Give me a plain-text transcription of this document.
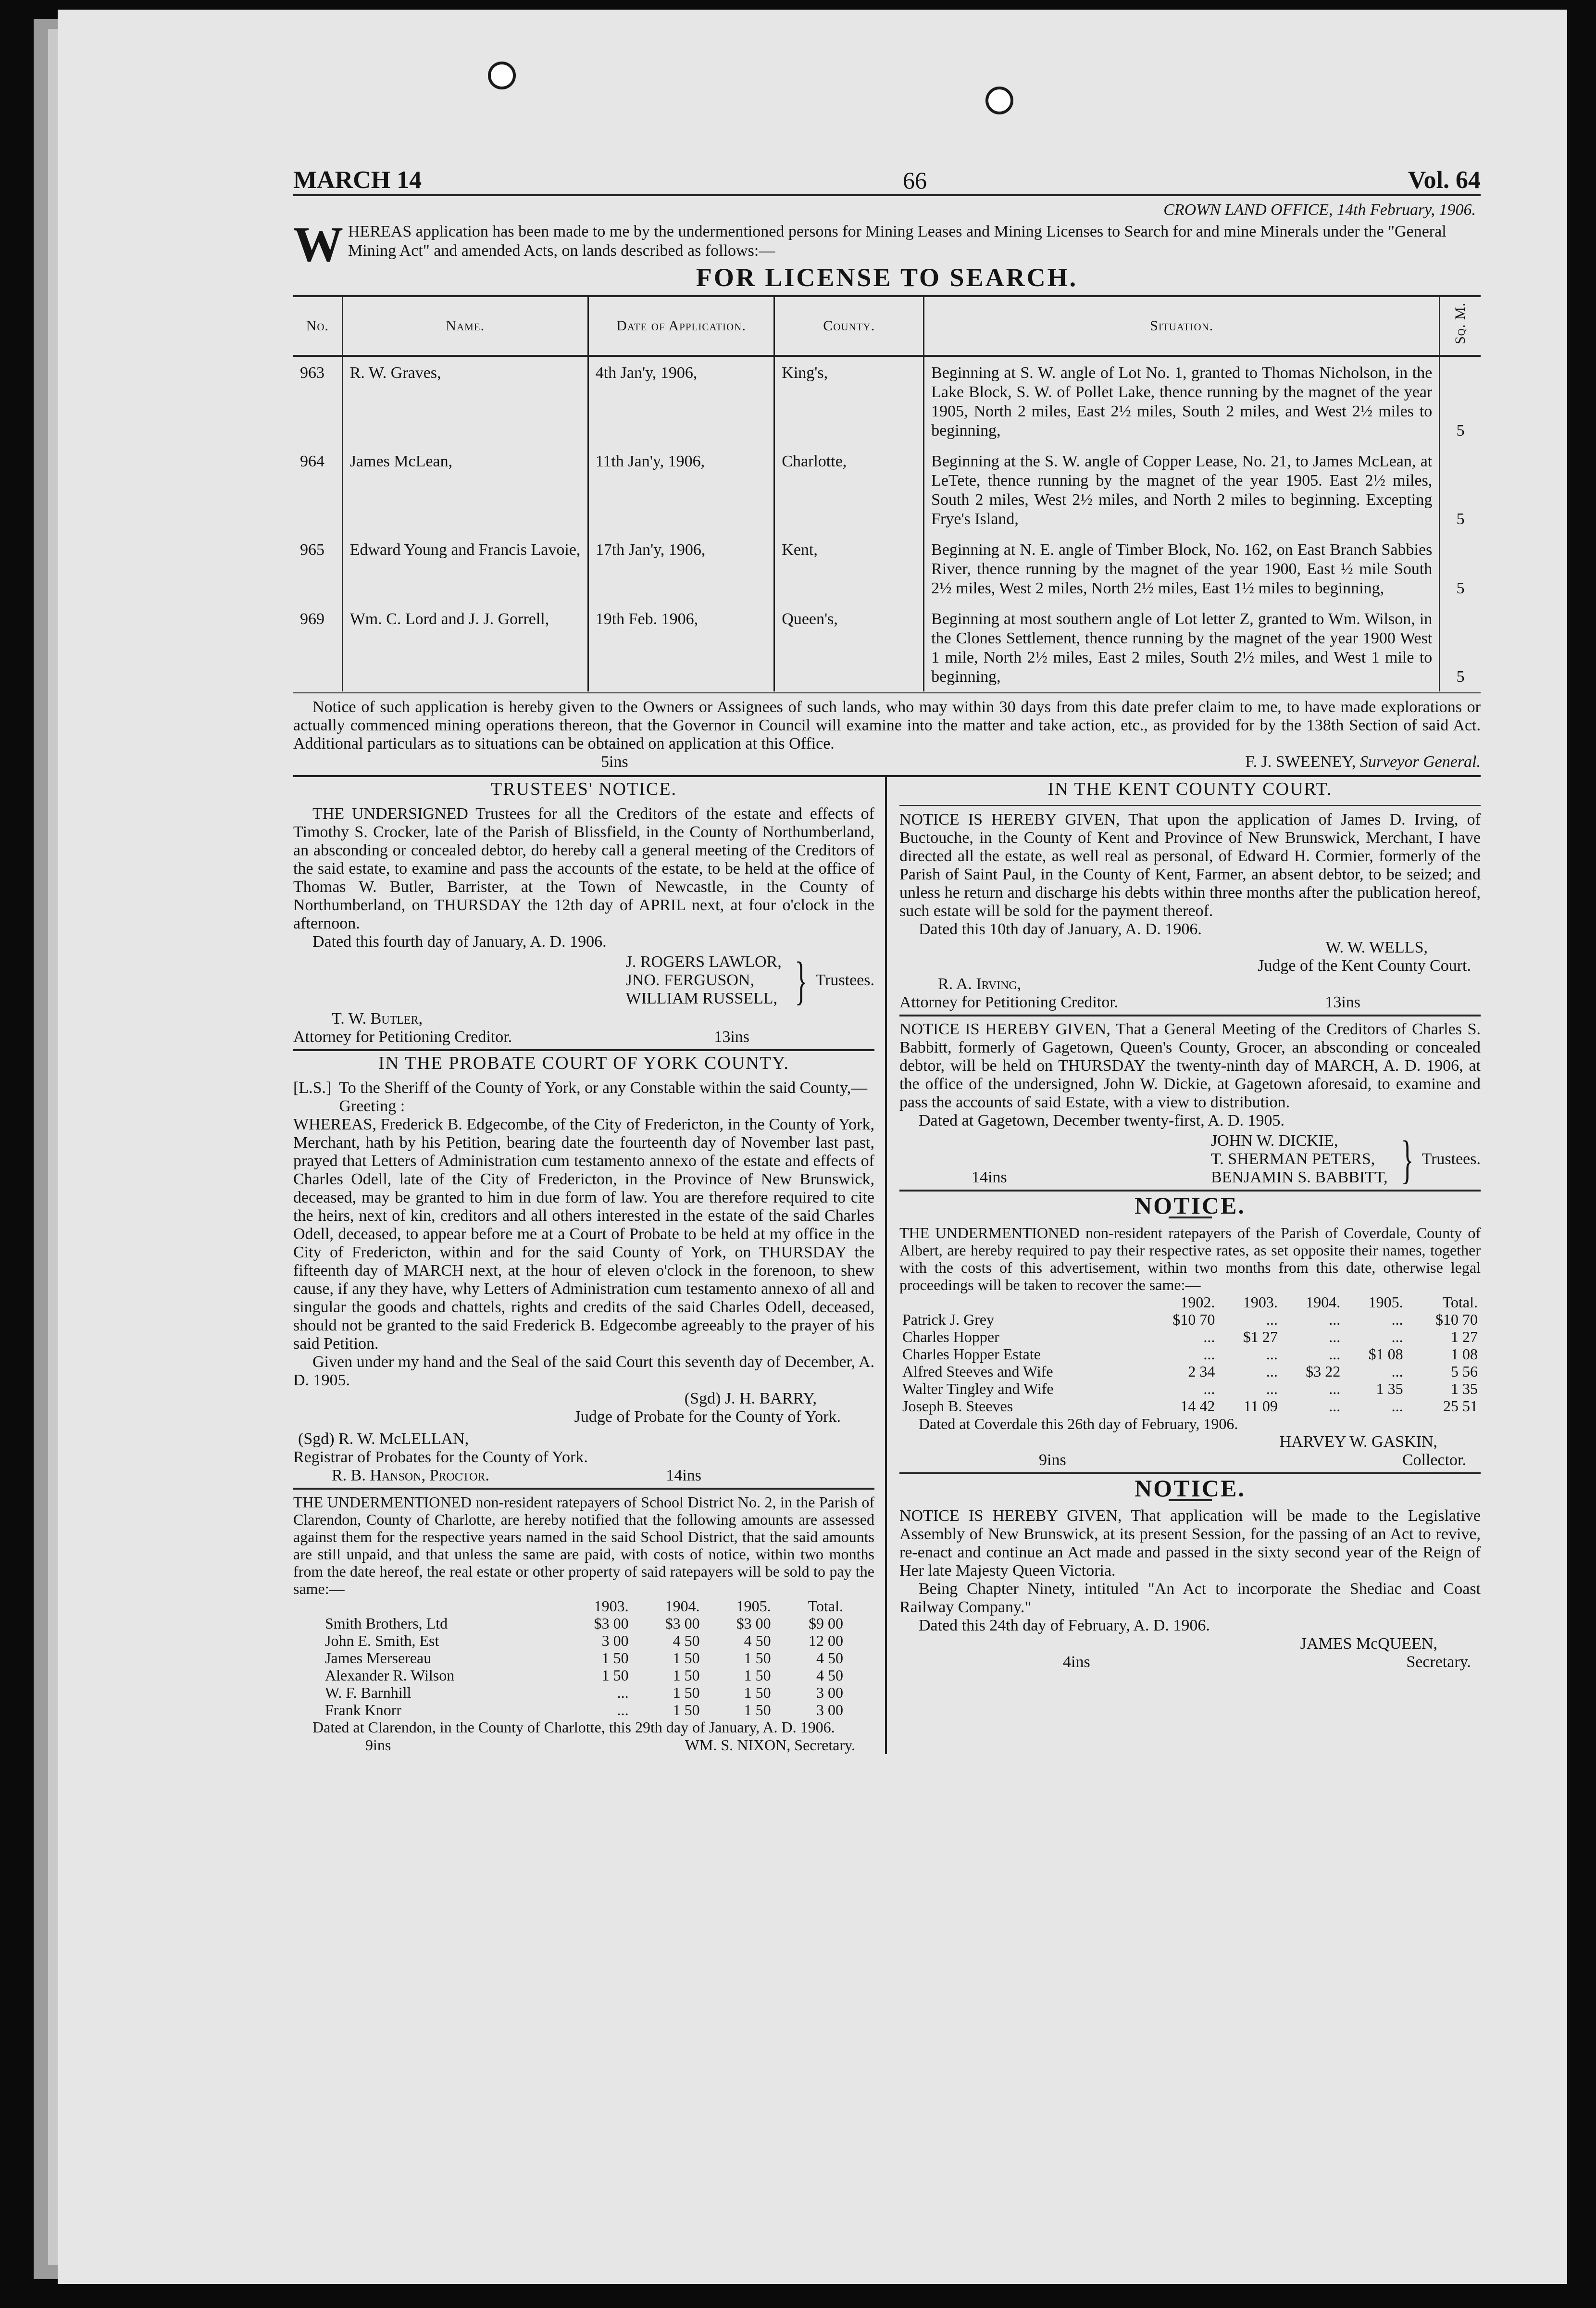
MARCH 14	66	Vol. 64
CROWN LAND OFFICE, 14th February, 1906.
W HEREAS application has been made to me by the undermentioned persons for Mining Leases and Mining Licenses to Search for and mine Minerals under the "General Mining Act" and amended Acts, on lands described as follows:—
FOR LICENSE TO SEARCH.
No.	Name.	Date of Application.	County.	Situation.	Sq. M.
963	R. W. Graves,	4th Jan'y, 1906,	King's,	Beginning at S. W. angle of Lot No. 1, granted to Thomas Nicholson, in the Lake Block, S. W. of Pollet Lake, thence running by the magnet of the year 1905, North 2 miles, East 2½ miles, South 2 miles, and West 2½ miles to beginning,	5
964	James McLean,	11th Jan'y, 1906,	Charlotte,	Beginning at the S. W. angle of Copper Lease, No. 21, to James McLean, at LeTete, thence running by the magnet of the year 1905. East 2½ miles, South 2 miles, West 2½ miles, and North 2 miles to beginning. Excepting Frye's Island,	5
965	Edward Young and Francis Lavoie,	17th Jan'y, 1906,	Kent,	Beginning at N. E. angle of Timber Block, No. 162, on East Branch Sabbies River, thence running by the magnet of the year 1900, East ½ mile South 2½ miles, West 2 miles, North 2½ miles, East 1½ miles to beginning,	5
969	Wm. C. Lord and J. J. Gorrell,	19th Feb. 1906,	Queen's,	Beginning at most southern angle of Lot letter Z, granted to Wm. Wilson, in the Clones Settlement, thence running by the magnet of the year 1900 West 1 mile, North 2½ miles, East 2 miles, South 2½ miles, and West 1 mile to beginning,	5

Notice of such application is hereby given to the Owners or Assignees of such lands, who may within 30 days from this date prefer claim to me, to have made explorations or actually commenced mining operations thereon, that the Governor in Council will examine into the matter and take action, etc., as provided for by the 138th Section of said Act. Additional particulars as to situations can be obtained on application at this Office.

5ins	F. J. SWEENEY, Surveyor General.
TRUSTEES' NOTICE.

THE UNDERSIGNED Trustees for all the Creditors of the estate and effects of Timothy S. Crocker, late of the Parish of Blissfield, in the County of Northumberland, an absconding or concealed debtor, do hereby call a general meeting of the Creditors of the said estate, to examine and pass the accounts of the estate, to be held at the office of Thomas W. Butler, Barrister, at the Town of Newcastle, in the County of Northumberland, on THURSDAY the 12th day of APRIL next, at four o'clock in the afternoon.

Dated this fourth day of January, A. D. 1906.

J. ROGERS LAWLOR,
JNO. FERGUSON,
WILLIAM RUSSELL, } Trustees.
T. W. Butler,
Attorney for Petitioning Creditor.	13ins
IN THE PROBATE COURT OF YORK COUNTY.
[L.S.] To the Sheriff of the County of York, or any Constable within the said County,—Greeting :

WHEREAS, Frederick B. Edgecombe, of the City of Fredericton, in the County of York, Merchant, hath by his Petition, bearing date the fourteenth day of November last past, prayed that Letters of Administration cum testamento annexo of the estate and effects of Charles Odell, late of the City of Fredericton, in the Province of New Brunswick, deceased, may be granted to him in due form of law. You are therefore required to cite the heirs, next of kin, creditors and all others interested in the estate of the said Charles Odell, deceased, to appear before me at a Court of Probate to be held at my office in the City of Fredericton, within and for the said County of York, on THURSDAY the fifteenth day of MARCH next, at the hour of eleven o'clock in the forenoon, to shew cause, if any they have, why Letters of Administration cum testamento annexo of all and singular the goods and chattels, rights and credits of the said Charles Odell, deceased, should not be granted to the said Frederick B. Edgecombe agreeably to the prayer of his said Petition.

Given under my hand and the Seal of the said Court this seventh day of December, A. D. 1905.

(Sgd) J. H. BARRY,
Judge of Probate for the County of York.
(Sgd) R. W. McLELLAN,
Registrar of Probates for the County of York.
R. B. Hanson, Proctor.	14ins

THE UNDERMENTIONED non-resident ratepayers of School District No. 2, in the Parish of Clarendon, County of Charlotte, are hereby notified that the following amounts are assessed against them for the respective years named in the said School District, that the said amounts are still unpaid, and that unless the same are paid, with costs of notice, within two months from the date hereof, the real estate or other property of said ratepayers will be sold to pay the same:—

	1903.	1904.	1905.	Total.
Smith Brothers, Ltd	$3 00	$3 00	$3 00	$9 00
John E. Smith, Est	3 00	4 50	4 50	12 00
James Mersereau	1 50	1 50	1 50	4 50
Alexander R. Wilson	1 50	1 50	1 50	4 50
W. F. Barnhill	...	1 50	1 50	3 00
Frank Knorr	...	1 50	1 50	3 00

Dated at Clarendon, in the County of Charlotte, this 29th day of January, A. D. 1906.

9ins	WM. S. NIXON, Secretary.
IN THE KENT COUNTY COURT.

NOTICE IS HEREBY GIVEN, That upon the application of James D. Irving, of Buctouche, in the County of Kent and Province of New Brunswick, Merchant, I have directed all the estate, as well real as personal, of Edward H. Cormier, formerly of the Parish of Saint Paul, in the County of Kent, Farmer, an absent debtor, to be seized; and unless he return and discharge his debts within three months after the publication hereof, such estate will be sold for the payment thereof.

Dated this 10th day of January, A. D. 1906.

W. W. WELLS,
Judge of the Kent County Court.
R. A. Irving,
Attorney for Petitioning Creditor.	13ins

NOTICE IS HEREBY GIVEN, That a General Meeting of the Creditors of Charles S. Babbitt, formerly of Gagetown, Queen's County, Grocer, an absconding or concealed debtor, will be held on THURSDAY the twenty-ninth day of MARCH, A. D. 1906, at the office of the undersigned, John W. Dickie, at Gagetown aforesaid, to examine and pass the accounts of said Estate, with a view to distribution.

Dated at Gagetown, December twenty-first, A. D. 1905.

14ins
JOHN W. DICKIE,
T. SHERMAN PETERS,
BENJAMIN S. BABBITT, } Trustees.
NOTICE.

THE UNDERMENTIONED non-resident ratepayers of the Parish of Coverdale, County of Albert, are hereby required to pay their respective rates, as set opposite their names, together with the costs of this advertisement, within two months from this date, otherwise legal proceedings will be taken to recover the same:—

	1902.	1903.	1904.	1905.	Total.
Patrick J. Grey	$10 70	...	...	...	$10 70
Charles Hopper	...	$1 27	...	...	1 27
Charles Hopper Estate	...	...	...	$1 08	1 08
Alfred Steeves and Wife	2 34	...	$3 22	...	5 56
Walter Tingley and Wife	...	...	...	1 35	1 35
Joseph B. Steeves	14 42	11 09	...	...	25 51

Dated at Coverdale this 26th day of February, 1906.

HARVEY W. GASKIN,
9ins	Collector.
NOTICE.

NOTICE IS HEREBY GIVEN, That application will be made to the Legislative Assembly of New Brunswick, at its present Session, for the passing of an Act to revive, re-enact and continue an Act made and passed in the sixty second year of the Reign of Her late Majesty Queen Victoria.

Being Chapter Ninety, intituled "An Act to incorporate the Shediac and Coast Railway Company."

Dated this 24th day of February, A. D. 1906.

JAMES McQUEEN,
4ins	Secretary.
